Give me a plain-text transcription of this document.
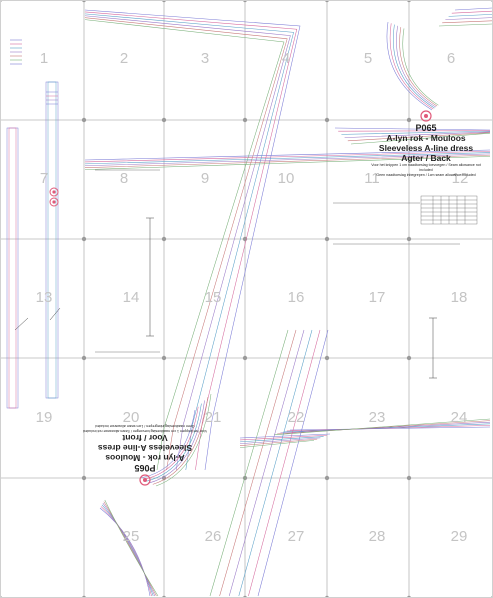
1	2	3	4	5	6
7	8	9	10	11	12
13	14	15	16	17	18
19	20	21	22	23	24
25	26	27	28	29
P065
A-lyn rok - Mouloos
Sleeveless A-line dress
Agter / Back
Voor het knippen 1 cm naadtoeslag toevoegen / Seam allowance not included
Geen naadtoeslag inbegrepen / 1cm seam allowance included
P065
A-lyn rok - Mouloos
Sleeveless A-line dress
Voor / front
Voor het knippen 1 cm naadtoeslag toevoegen / Seam allowance not included
Geen naadtoeslag inbegrepen / 1cm seam allowance included
